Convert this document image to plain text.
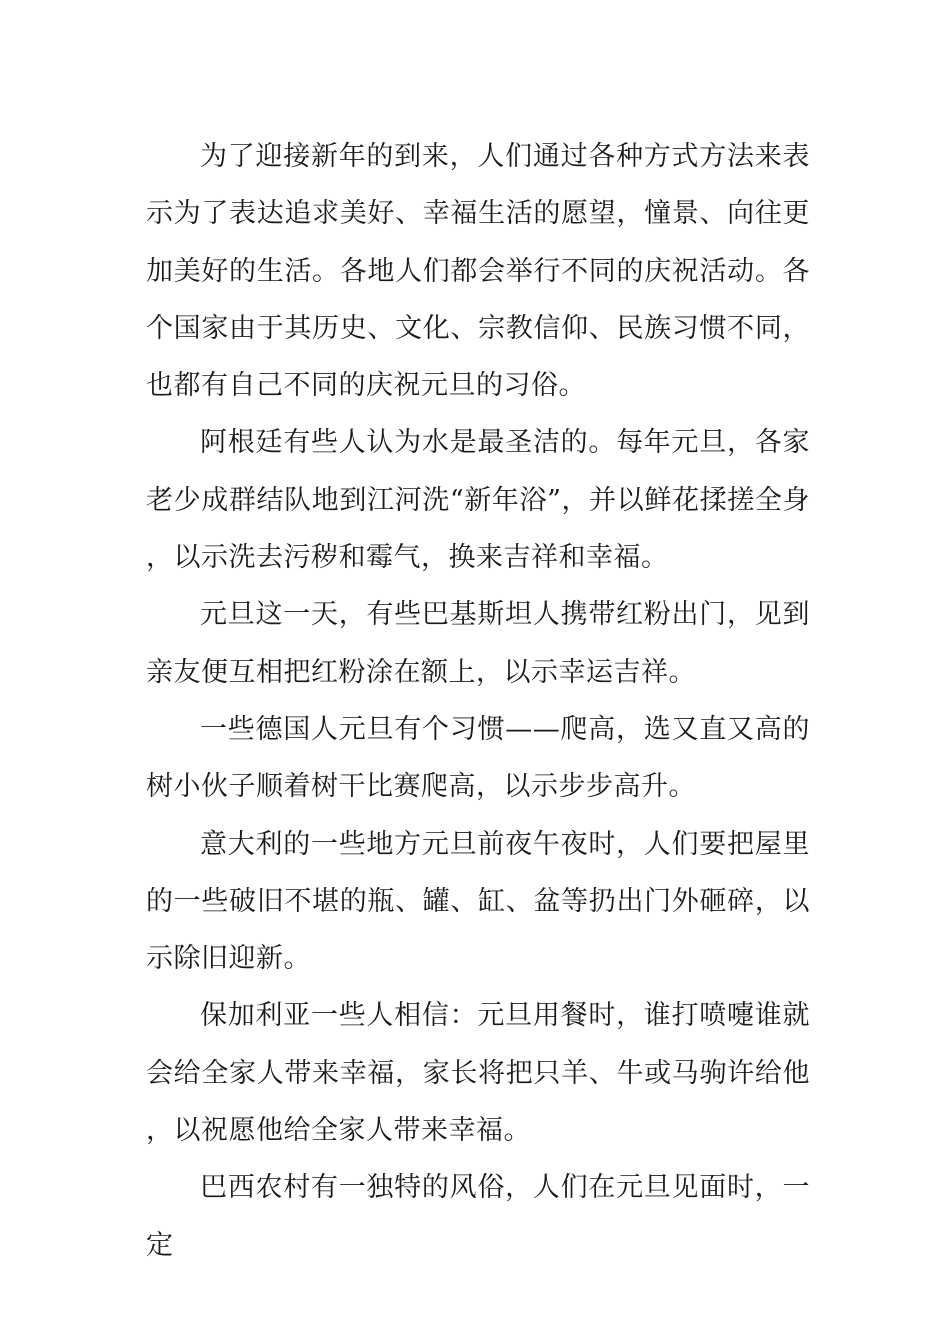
为了迎接新年的到来，人们通过各种方式方法来表示为了表达追求美好、幸福生活的愿望，憧景、向往更加美好的生活。各地人们都会举行不同的庆祝活动。各个国家由于其历史、文化、宗教信仰、民族习惯不同，也都有自己不同的庆祝元旦的习俗。

阿根廷有些人认为水是最圣洁的。每年元旦，各家老少成群结队地到江河洗“新年浴”，并以鲜花揉搓全身，以示洗去污秽和霉气，换来吉祥和幸福。

元旦这一天，有些巴基斯坦人携带红粉出门，见到亲友便互相把红粉涂在额上，以示幸运吉祥。

一些德国人元旦有个习惯——爬高，选又直又高的树小伙子顺着树干比赛爬高，以示步步高升。

意大利的一些地方元旦前夜午夜时，人们要把屋里的一些破旧不堪的瓶、罐、缸、盆等扔出门外砸碎，以示除旧迎新。

保加利亚一些人相信：元旦用餐时，谁打喷嚏谁就会给全家人带来幸福，家长将把只羊、牛或马驹许给他，以祝愿他给全家人带来幸福。

巴西农村有一独特的风俗，人们在元旦见面时，一定
